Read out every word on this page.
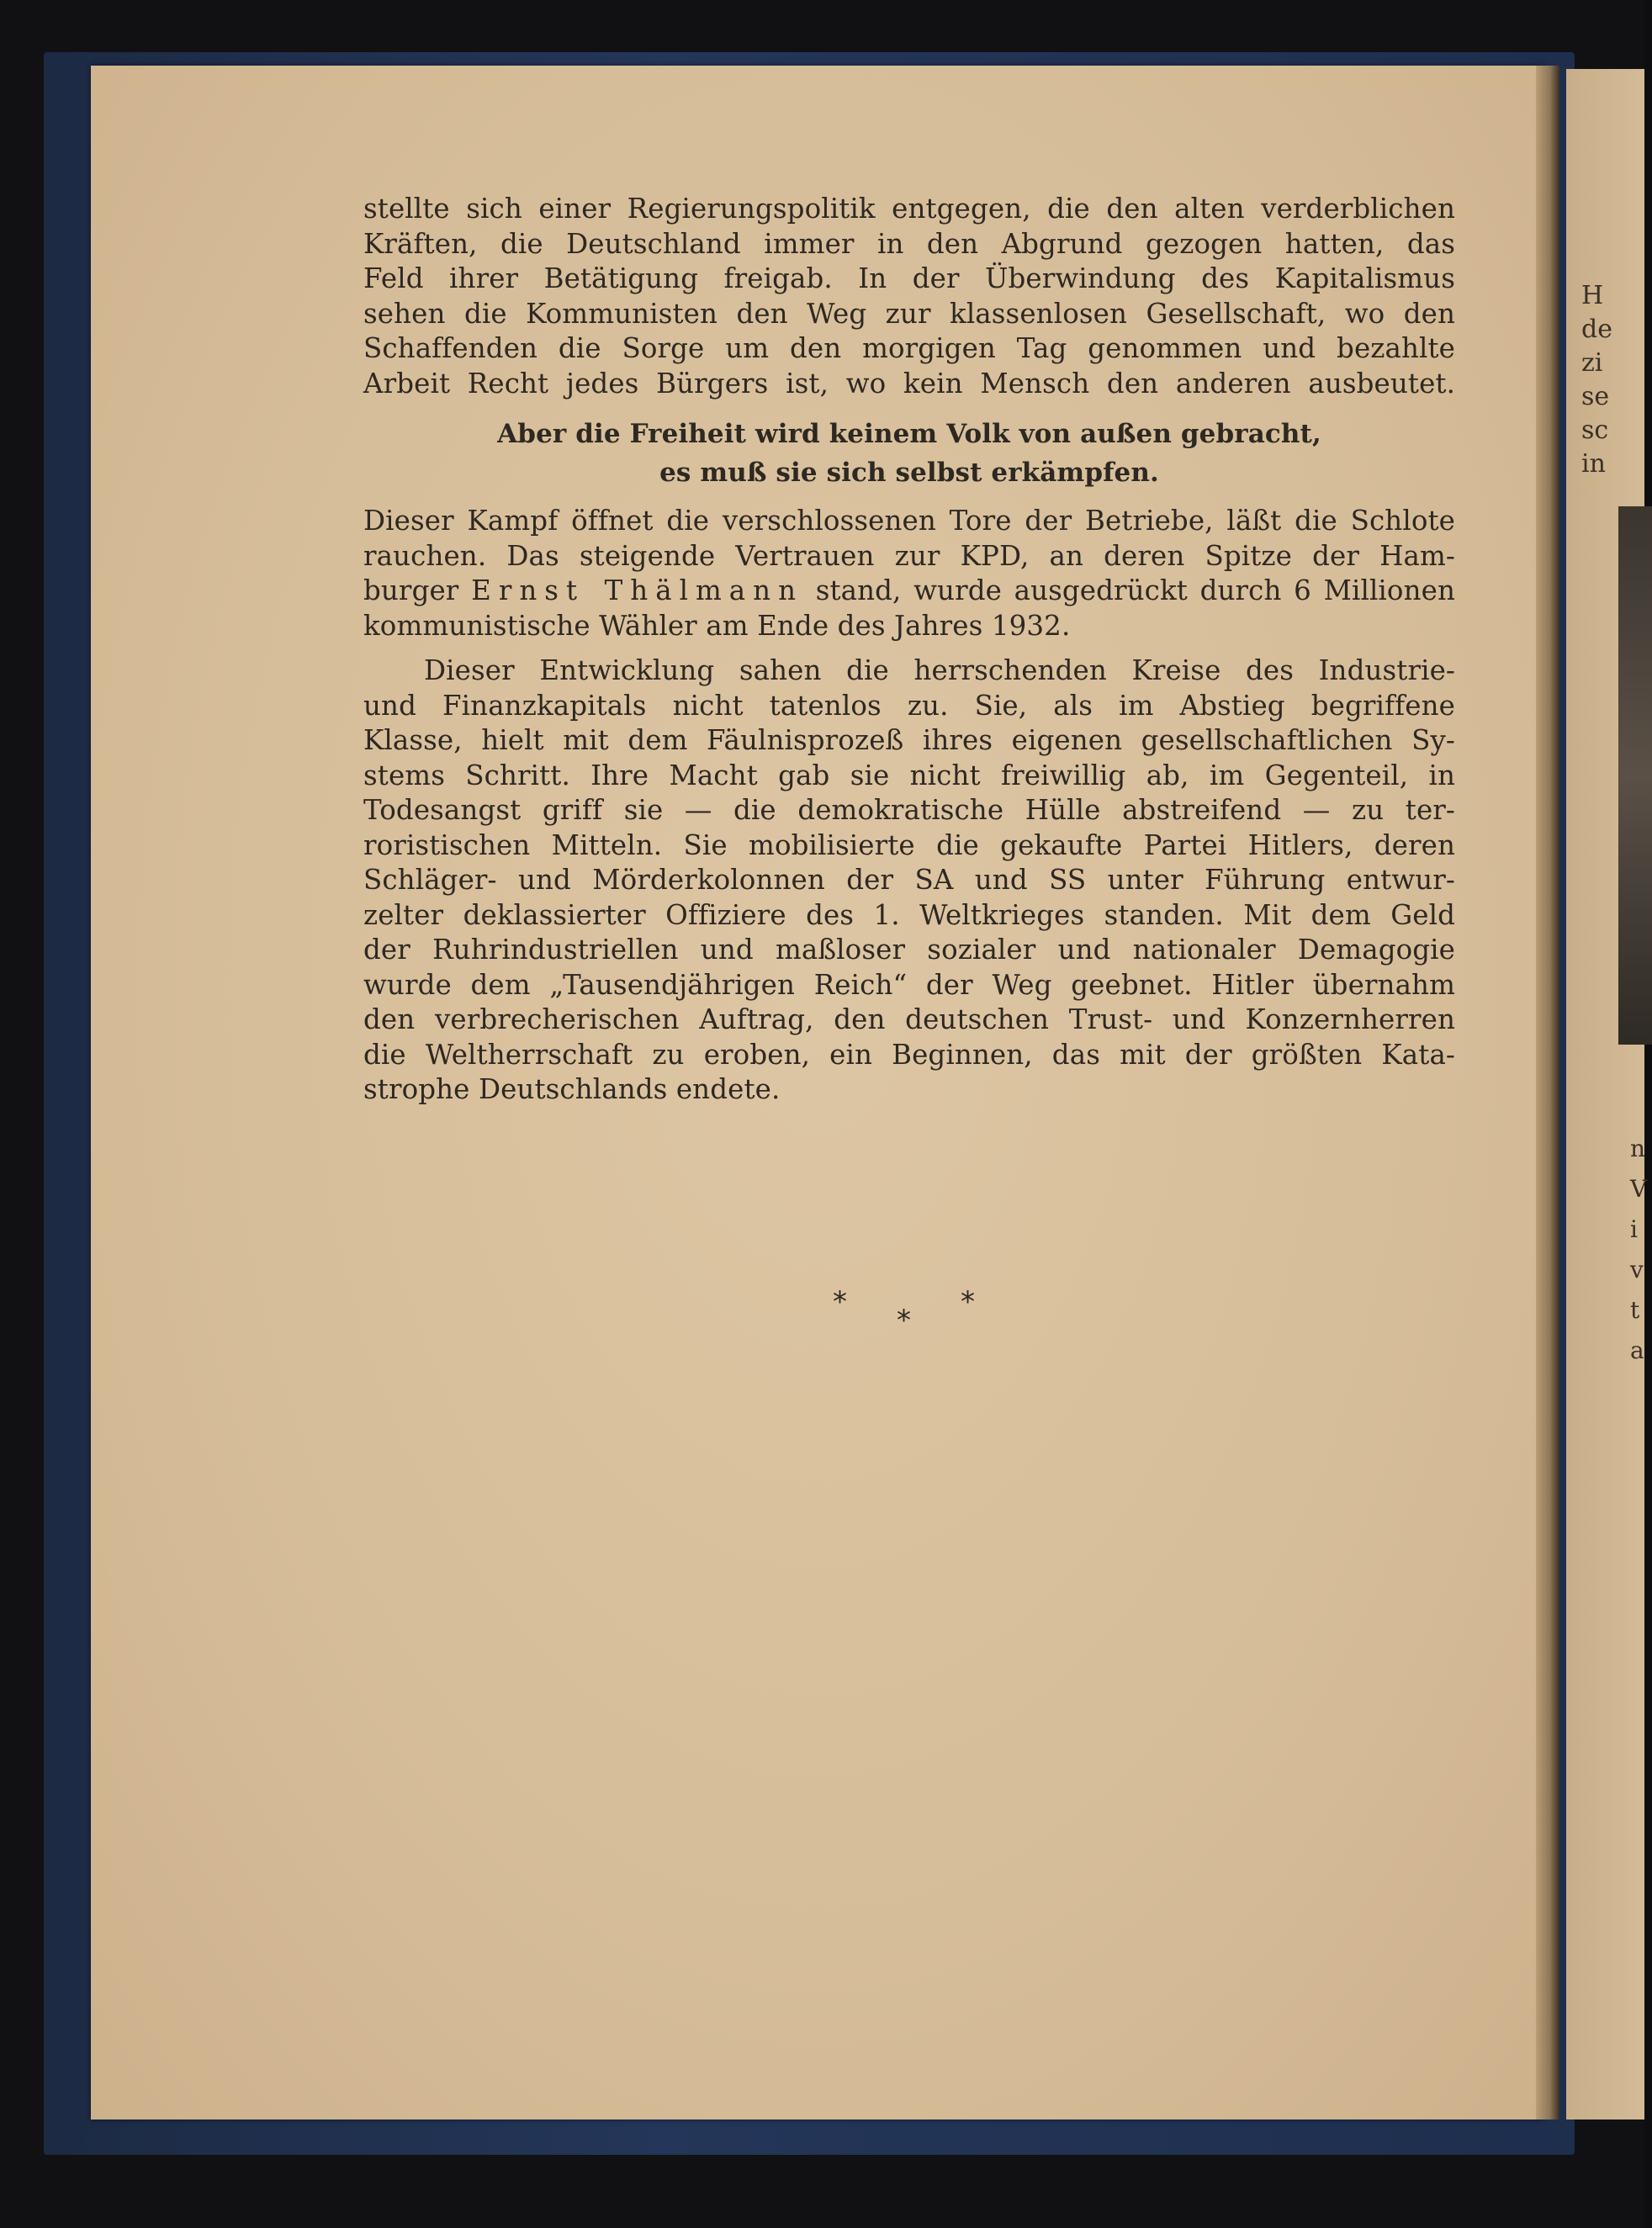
H
de
zi
se
sc
in
n
V
i
v
t
a
stellte sich einer Regierungspolitik entgegen, die den alten verderblichen
Kräften, die Deutschland immer in den Abgrund gezogen hatten, das
Feld ihrer Betätigung freigab. In der Überwindung des Kapitalismus
sehen die Kommunisten den Weg zur klassenlosen Gesellschaft, wo den
Schaffenden die Sorge um den morgigen Tag genommen und bezahlte
Arbeit Recht jedes Bürgers ist, wo kein Mensch den anderen ausbeutet.
Aber die Freiheit wird keinem Volk von außen gebracht,
es muß sie sich selbst erkämpfen.
Dieser Kampf öffnet die verschlossenen Tore der Betriebe, läßt die Schlote
rauchen. Das steigende Vertrauen zur KPD, an deren Spitze der Ham-
burger Ernst Thälmann stand, wurde ausgedrückt durch 6 Millionen
kommunistische Wähler am Ende des Jahres 1932.
Dieser Entwicklung sahen die herrschenden Kreise des Industrie-
und Finanzkapitals nicht tatenlos zu. Sie, als im Abstieg begriffene
Klasse, hielt mit dem Fäulnisprozeß ihres eigenen gesellschaftlichen Sy-
stems Schritt. Ihre Macht gab sie nicht freiwillig ab, im Gegenteil, in
Todesangst griff sie — die demokratische Hülle abstreifend — zu ter-
roristischen Mitteln. Sie mobilisierte die gekaufte Partei Hitlers, deren
Schläger- und Mörderkolonnen der SA und SS unter Führung entwur-
zelter deklassierter Offiziere des 1. Weltkrieges standen. Mit dem Geld
der Ruhrindustriellen und maßloser sozialer und nationaler Demagogie
wurde dem „Tausendjährigen Reich“ der Weg geebnet. Hitler übernahm
den verbrecherischen Auftrag, den deutschen Trust- und Konzernherren
die Weltherrschaft zu eroben, ein Beginnen, das mit der größten Kata-
strophe Deutschlands endete.
*
*
*
